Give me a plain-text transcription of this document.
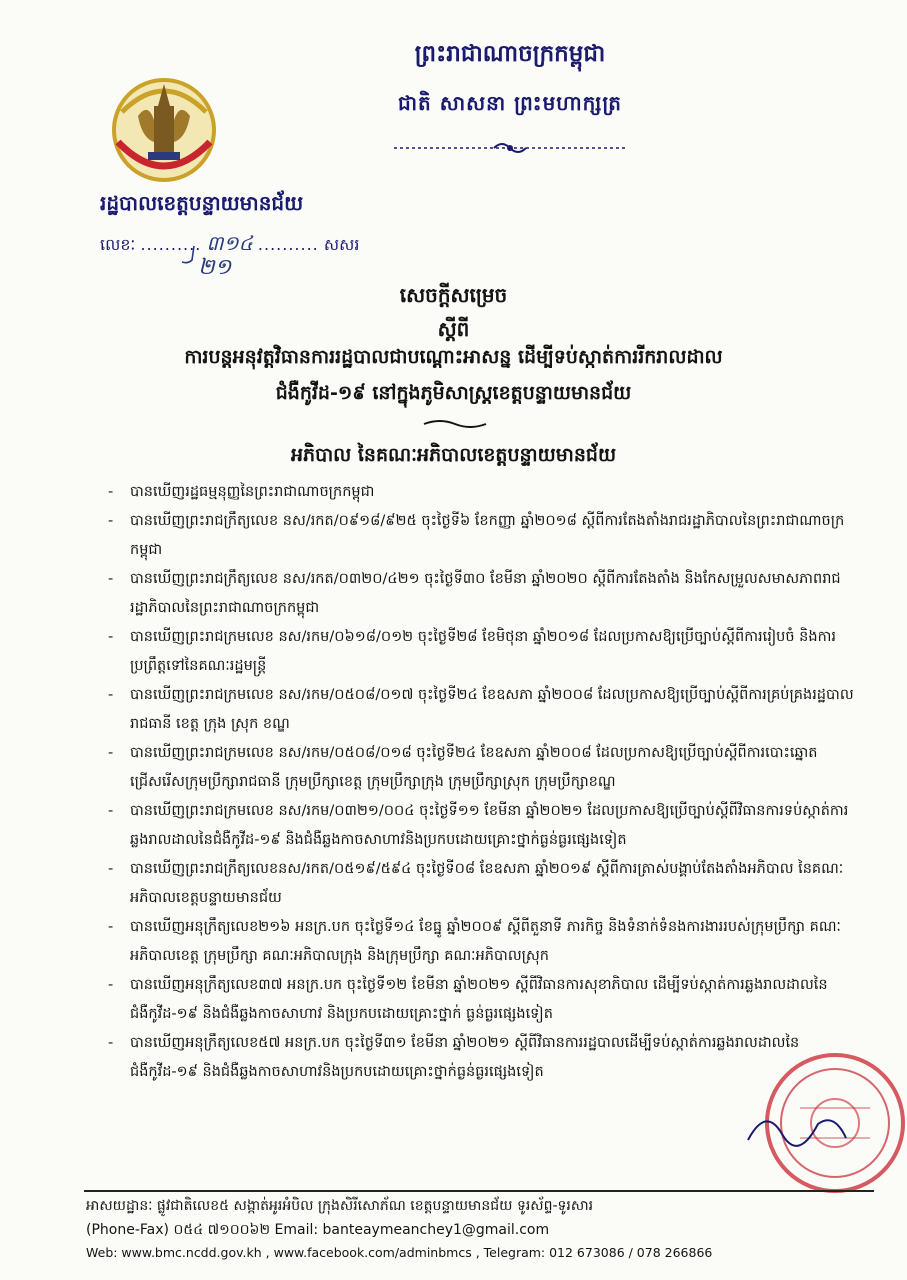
ព្រះរាជាណាចក្រកម្ពុជា
ជាតិ សាសនា ព្រះមហាក្សត្រ
រដ្ឋបាលខេត្តបន្ទាយមានជ័យ
លេខៈ .......... ៣១៤ .......... សសរ
២១
សេចក្តីសម្រេច
ស្តីពី
ការបន្តអនុវត្តវិធានការរដ្ឋបាលជាបណ្តោះអាសន្ន ដើម្បីទប់ស្កាត់ការរីករាលដាល
ជំងឺកូវីដ-១៩ នៅក្នុងភូមិសាស្ត្រខេត្តបន្ទាយមានជ័យ
អភិបាល នៃគណៈអភិបាលខេត្តបន្ទាយមានជ័យ
- បានឃើញរដ្ឋធម្មនុញ្ញនៃព្រះរាជាណាចក្រកម្ពុជា
- បានឃើញព្រះរាជក្រឹត្យលេខ នស/រកត/០៩១៨/៩២៥ ចុះថ្ងៃទី៦ ខែកញ្ញា ឆ្នាំ២០១៨ ស្តីពីការតែងតាំងរាជរដ្ឋាភិបាលនៃព្រះរាជាណាចក្រកម្ពុជា
- បានឃើញព្រះរាជក្រឹត្យលេខ នស/រកត/០៣២០/៤២១ ចុះថ្ងៃទី៣០ ខែមីនា ឆ្នាំ២០២០ ស្តីពីការតែងតាំង និងកែសម្រួលសមាសភាពរាជរដ្ឋាភិបាលនៃព្រះរាជាណាចក្រកម្ពុជា
- បានឃើញព្រះរាជក្រមលេខ នស/រកម/០៦១៨/០១២ ចុះថ្ងៃទី២៨ ខែមិថុនា ឆ្នាំ២០១៨ ដែលប្រកាសឱ្យប្រើច្បាប់ស្តីពីការរៀបចំ និងការប្រព្រឹត្តទៅនៃគណៈរដ្ឋមន្ត្រី
- បានឃើញព្រះរាជក្រមលេខ នស/រកម/០៥០៨/០១៧ ចុះថ្ងៃទី២៤ ខែឧសភា ឆ្នាំ២០០៨ ដែលប្រកាសឱ្យប្រើច្បាប់ស្តីពីការគ្រប់គ្រងរដ្ឋបាលរាជធានី ខេត្ត ក្រុង ស្រុក ខណ្ឌ
- បានឃើញព្រះរាជក្រមលេខ នស/រកម/០៥០៨/០១៨ ចុះថ្ងៃទី២៤ ខែឧសភា ឆ្នាំ២០០៨ ដែលប្រកាសឱ្យប្រើច្បាប់ស្តីពីការបោះឆ្នោតជ្រើសរើសក្រុមប្រឹក្សារាជធានី ក្រុមប្រឹក្សាខេត្ត ក្រុមប្រឹក្សាក្រុង ក្រុមប្រឹក្សាស្រុក ក្រុមប្រឹក្សាខណ្ឌ
- បានឃើញព្រះរាជក្រមលេខ នស/រកម/០៣២១/០០៤ ចុះថ្ងៃទី១១ ខែមីនា ឆ្នាំ២០២១ ដែលប្រកាសឱ្យប្រើច្បាប់ស្តីពីវិធានការទប់ស្កាត់ការឆ្លងរាលដាលនៃជំងឺកូវីដ-១៩ និងជំងឺឆ្លងកាចសាហាវនិងប្រកបដោយគ្រោះថ្នាក់ធ្ងន់ធ្ងរផ្សេងទៀត
- បានឃើញព្រះរាជក្រឹត្យលេខនស/រកត/០៥១៩/៥៩៤ ចុះថ្ងៃទី០៨ ខែឧសភា ឆ្នាំ២០១៩ ស្តីពីការត្រាស់បង្គាប់តែងតាំងអភិបាល នៃគណៈអភិបាលខេត្តបន្ទាយមានជ័យ
- បានឃើញអនុក្រឹត្យលេខ២១៦ អនក្រ.បក ចុះថ្ងៃទី១៤ ខែធ្នូ ឆ្នាំ២០០៩ ស្តីពីតួនាទី ភារកិច្ច និងទំនាក់ទំនងការងាររបស់ក្រុមប្រឹក្សា គណៈអភិបាលខេត្ត ក្រុមប្រឹក្សា គណៈអភិបាលក្រុង និងក្រុមប្រឹក្សា គណៈអភិបាលស្រុក
- បានឃើញអនុក្រឹត្យលេខ៣៧ អនក្រ.បក ចុះថ្ងៃទី១២ ខែមីនា ឆ្នាំ២០២១ ស្តីពីវិធានការសុខាភិបាល ដើម្បីទប់ស្កាត់ការឆ្លងរាលដាលនៃជំងឺកូវីដ-១៩ និងជំងឺឆ្លងកាចសាហាវ និងប្រកបដោយគ្រោះថ្នាក់ ធ្ងន់ធ្ងរផ្សេងទៀត
- បានឃើញអនុក្រឹត្យលេខ៥៧ អនក្រ.បក ចុះថ្ងៃទី៣១ ខែមីនា ឆ្នាំ២០២១ ស្តីពីវិធានការរដ្ឋបាលដើម្បីទប់ស្កាត់ការឆ្លងរាលដាលនៃជំងឺកូវីដ-១៩ និងជំងឺឆ្លងកាចសាហាវនិងប្រកបដោយគ្រោះថ្នាក់ធ្ងន់ធ្ងរផ្សេងទៀត
អាសយដ្ឋានៈ ផ្លូវជាតិលេខ៥ សង្កាត់អូរអំបិល ក្រុងសិរីសោភ័ណ ខេត្តបន្ទាយមានជ័យ ទូរស័ព្ទ-ទូរសារ
(Phone-Fax) ០៥៤ ៧១០០៦២ Email: banteaymeanchey1@gmail.com
Web: www.bmc.ncdd.gov.kh , www.facebook.com/adminbmcs , Telegram: 012 673086 / 078 266866
